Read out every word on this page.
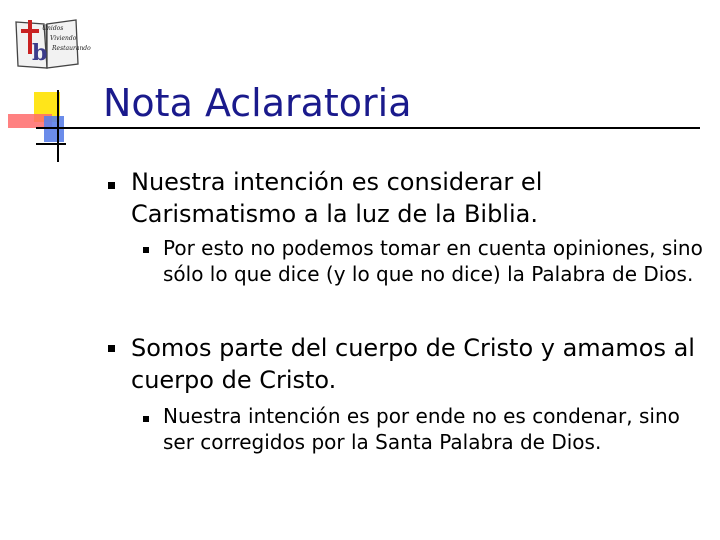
b
Unidos
Viviendo
Restaurando
Nota Aclaratoria
Nuestra intención es considerar el Carismatismo a la luz de la Biblia.
Por esto no podemos tomar en cuenta opiniones, sino sólo lo que dice (y lo que no dice) la Palabra de Dios.
Somos parte del cuerpo de Cristo y amamos al cuerpo de Cristo.
Nuestra intención es por ende no es condenar, sino ser corregidos por la Santa Palabra de Dios.
